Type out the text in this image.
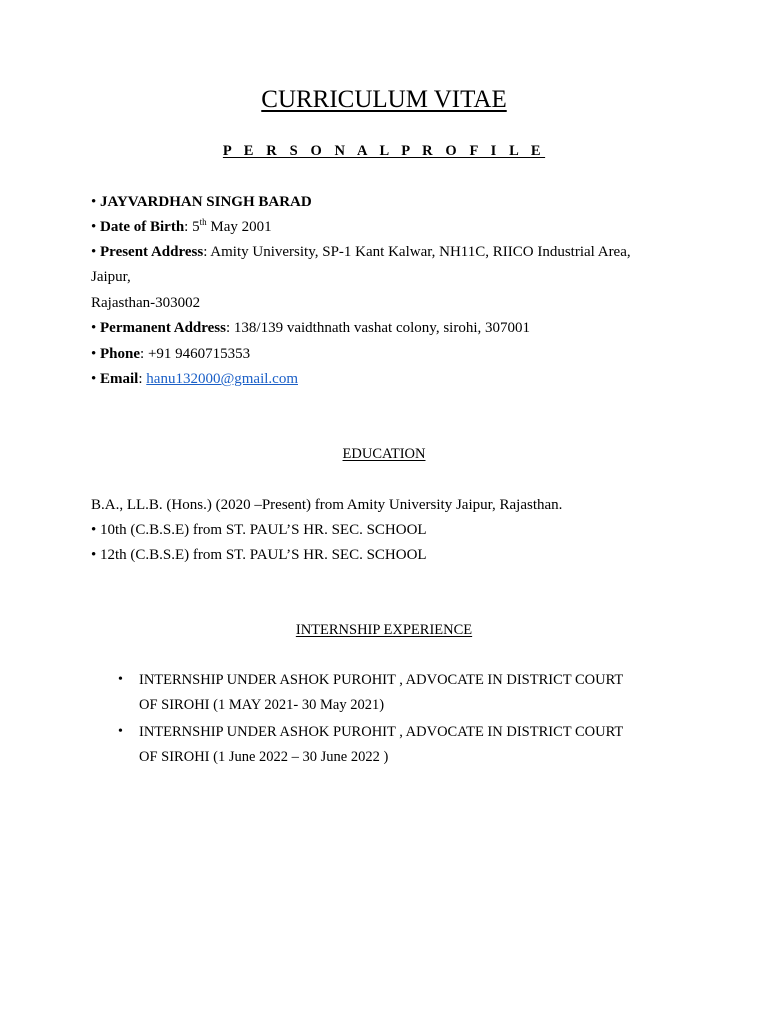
CURRICULUM VITAE
P E R S O N A L P R O F I L E
• JAYVARDHAN SINGH BARAD
• Date of Birth: 5th May 2001
• Present Address: Amity University, SP-1 Kant Kalwar, NH11C, RIICO Industrial Area,
Jaipur,
Rajasthan-303002
• Permanent Address: 138/139 vaidthnath vashat colony, sirohi, 307001
• Phone: +91 9460715353
• Email: hanu132000@gmail.com
EDUCATION
B.A., LL.B. (Hons.) (2020 –Present) from Amity University Jaipur, Rajasthan.
• 10th (C.B.S.E) from ST. PAUL’S HR. SEC. SCHOOL
• 12th (C.B.S.E) from ST. PAUL’S HR. SEC. SCHOOL
INTERNSHIP EXPERIENCE
• INTERNSHIP UNDER ASHOK PUROHIT , ADVOCATE IN DISTRICT COURT
OF SIROHI (1 MAY 2021- 30 May 2021)
• INTERNSHIP UNDER ASHOK PUROHIT , ADVOCATE IN DISTRICT COURT
OF SIROHI (1 June 2022 – 30 June 2022 )
